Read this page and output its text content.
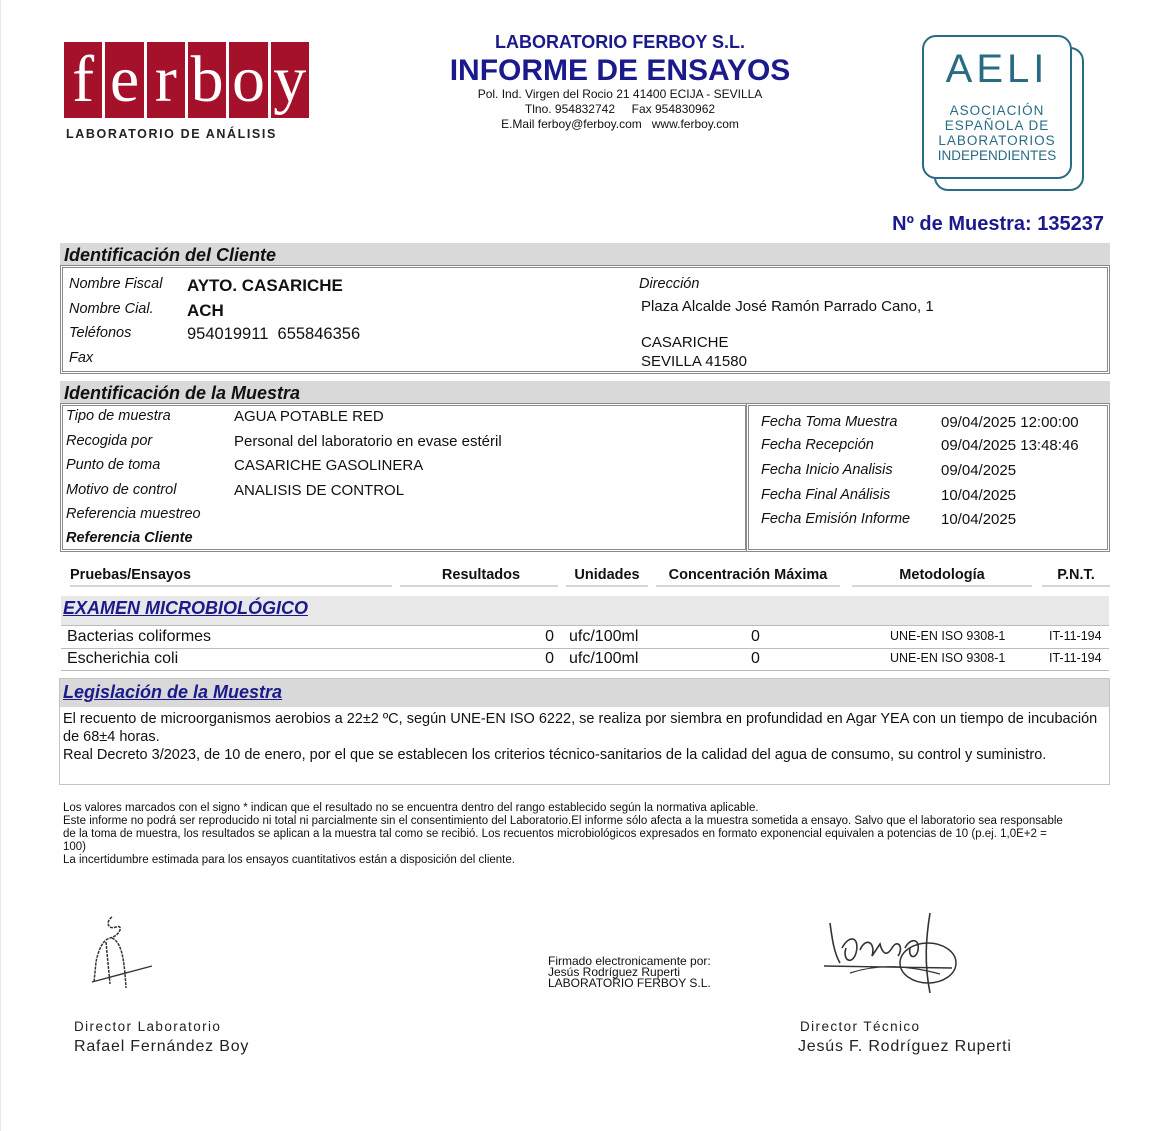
f e r b o y
LABORATORIO DE ANÁLISIS
LABORATORIO FERBOY S.L.
INFORME DE ENSAYOS
Pol. Ind. Virgen del Rocio 21 41400 ECIJA - SEVILLA
Tlno. 954832742     Fax 954830962
E.Mail ferboy@ferboy.com   www.ferboy.com
AELI
ASOCIACIÓN
ESPAÑOLA DE
LABORATORIOS
INDEPENDIENTES
Nº de Muestra: 135237
Identificación del Cliente
Nombre Fiscal AYTO. CASARICHE
Nombre Cial. ACH
Teléfonos	954019911  655846356
Fax
Dirección
Plaza Alcalde José Ramón Parrado Cano, 1
CASARICHE
SEVILLA 41580
Identificación de la Muestra
Tipo de muestra	AGUA POTABLE RED
Recogida por	Personal del laboratorio en evase estéril
Punto de toma	CASARICHE GASOLINERA
Motivo de control	ANALISIS DE CONTROL
Referencia muestreo
Referencia Cliente
Fecha Toma Muestra	09/04/2025 12:00:00
Fecha Recepción	09/04/2025 13:48:46
Fecha Inicio Analisis	09/04/2025
Fecha Final Análisis	10/04/2025
Fecha Emisión Informe 10/04/2025
Pruebas/Ensayos	Resultados	Unidades	Concentración Máxima	Metodología	P.N.T.
EXAMEN MICROBIOLÓGICO
Bacterias coliformes	0 ufc/100ml	0	UNE-EN ISO 9308-1	IT-11-194
Escherichia coli	0 ufc/100ml	0	UNE-EN ISO 9308-1	IT-11-194
Legislación de la Muestra
El recuento de microorganismos aerobios a 22±2 ºC, según UNE-EN ISO 6222, se realiza por siembra en profundidad en Agar YEA con un tiempo de incubación de 68±4 horas.
Real Decreto 3/2023, de 10 de enero, por el que se establecen los criterios técnico-sanitarios de la calidad del agua de consumo, su control y suministro.
Los valores marcados con el signo * indican que el resultado no se encuentra dentro del rango establecido según la normativa aplicable.
Este informe no podrá ser reproducido ni total ni parcialmente sin el consentimiento del Laboratorio.El informe sólo afecta a la muestra sometida a ensayo. Salvo que el laboratorio sea responsable de la toma de muestra, los resultados se aplican a la muestra tal como se recibió. Los recuentos microbiológicos expresados en formato exponencial equivalen a potencias de 10 (p.ej. 1,0E+2 = 100)
La incertidumbre estimada para los ensayos cuantitativos están a disposición del cliente.
Director Laboratorio
Rafael Fernández Boy
Firmado electronicamente por:
Jesús Rodríguez Ruperti
LABORATORIO FERBOY S.L.
Director Técnico
Jesús F. Rodríguez Ruperti
